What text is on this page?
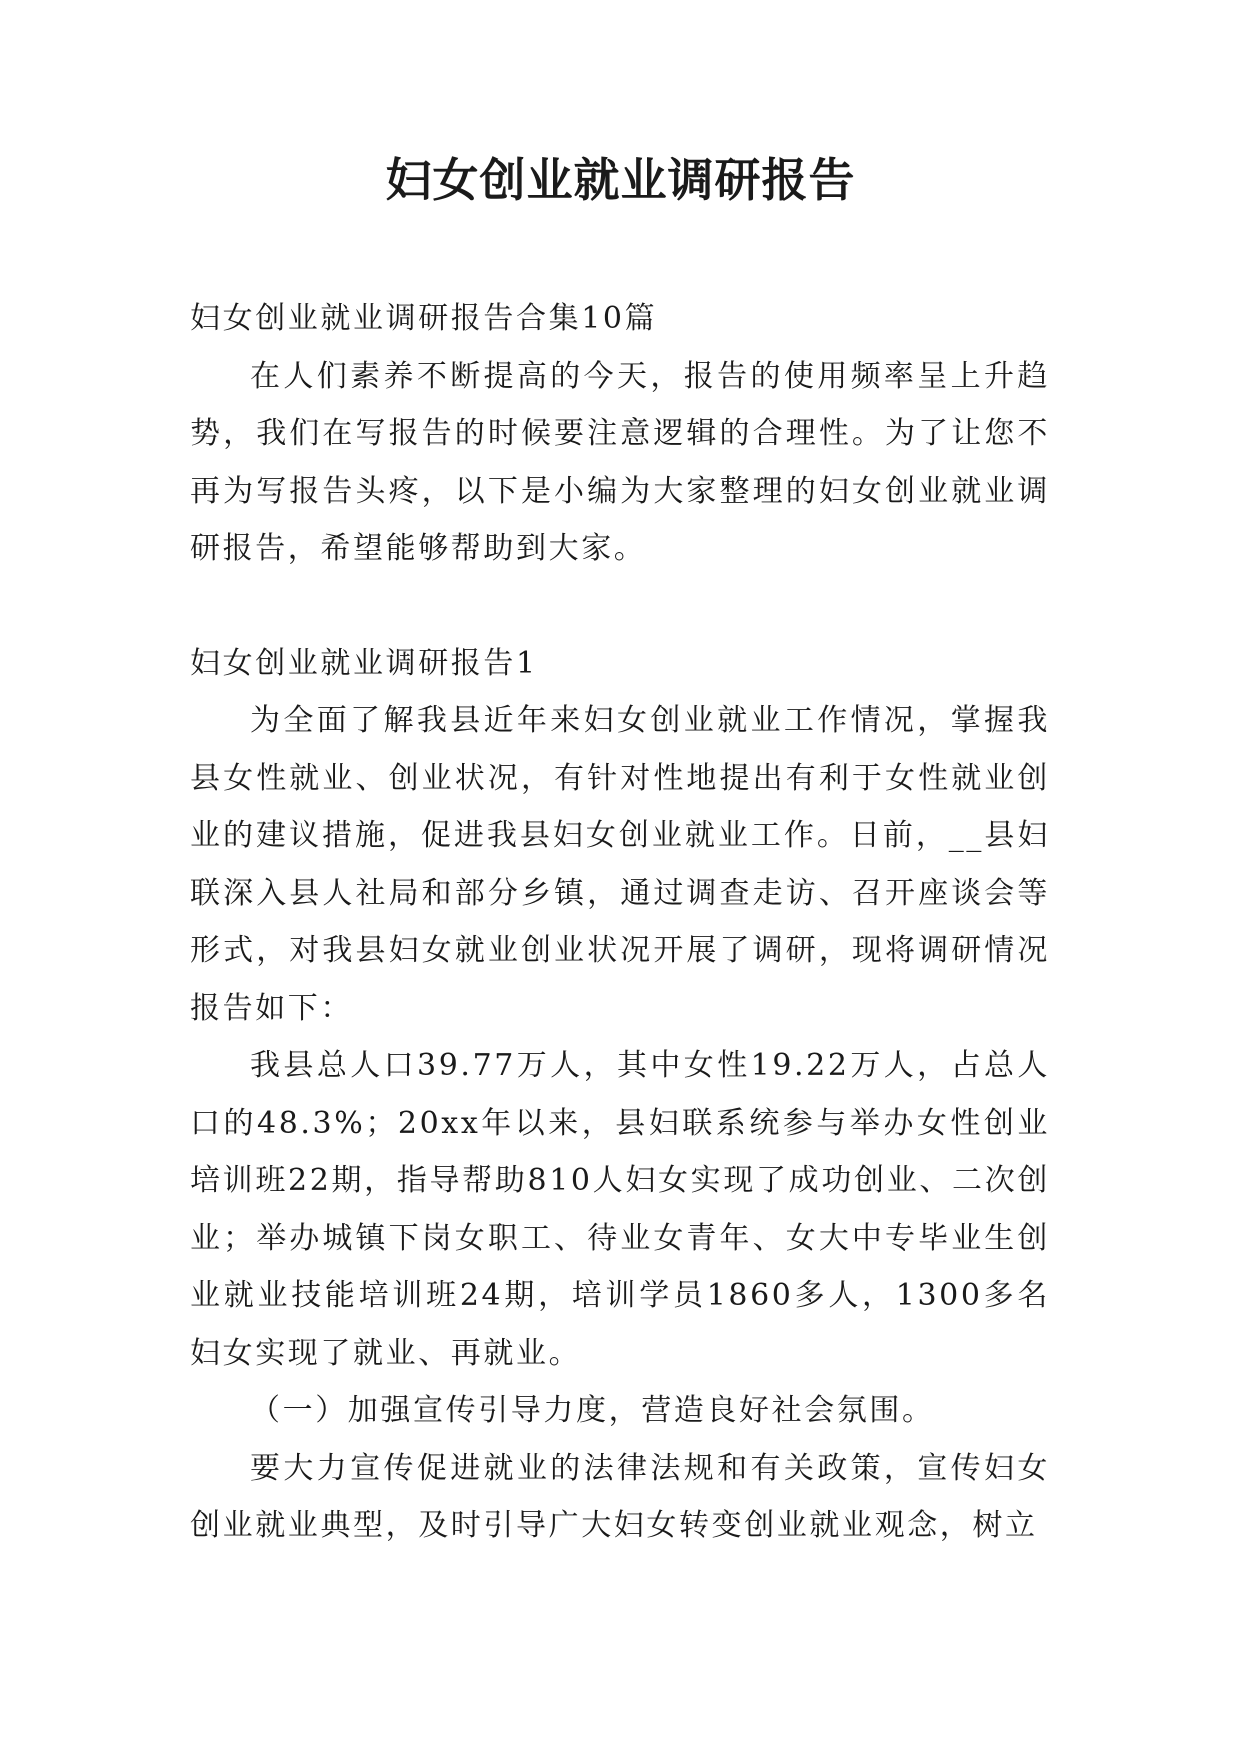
妇女创业就业调研报告

妇女创业就业调研报告合集10篇

在人们素养不断提高的今天，报告的使用频率呈上升趋势，我们在写报告的时候要注意逻辑的合理性。为了让您不再为写报告头疼，以下是小编为大家整理的妇女创业就业调研报告，希望能够帮助到大家。

妇女创业就业调研报告1

为全面了解我县近年来妇女创业就业工作情况，掌握我县女性就业、创业状况，有针对性地提出有利于女性就业创业的建议措施，促进我县妇女创业就业工作。日前，__县妇联深入县人社局和部分乡镇，通过调查走访、召开座谈会等形式，对我县妇女就业创业状况开展了调研，现将调研情况报告如下：

我县总人口39.77万人，其中女性19.22万人，占总人口的48.3%；20xx年以来，县妇联系统参与举办女性创业培训班22期，指导帮助810人妇女实现了成功创业、二次创业；举办城镇下岗女职工、待业女青年、女大中专毕业生创业就业技能培训班24期，培训学员1860多人，1300多名妇女实现了就业、再就业。

（一）加强宣传引导力度，营造良好社会氛围。

要大力宣传促进就业的法律法规和有关政策，宣传妇女创业就业典型，及时引导广大妇女转变创业就业观念，树立
